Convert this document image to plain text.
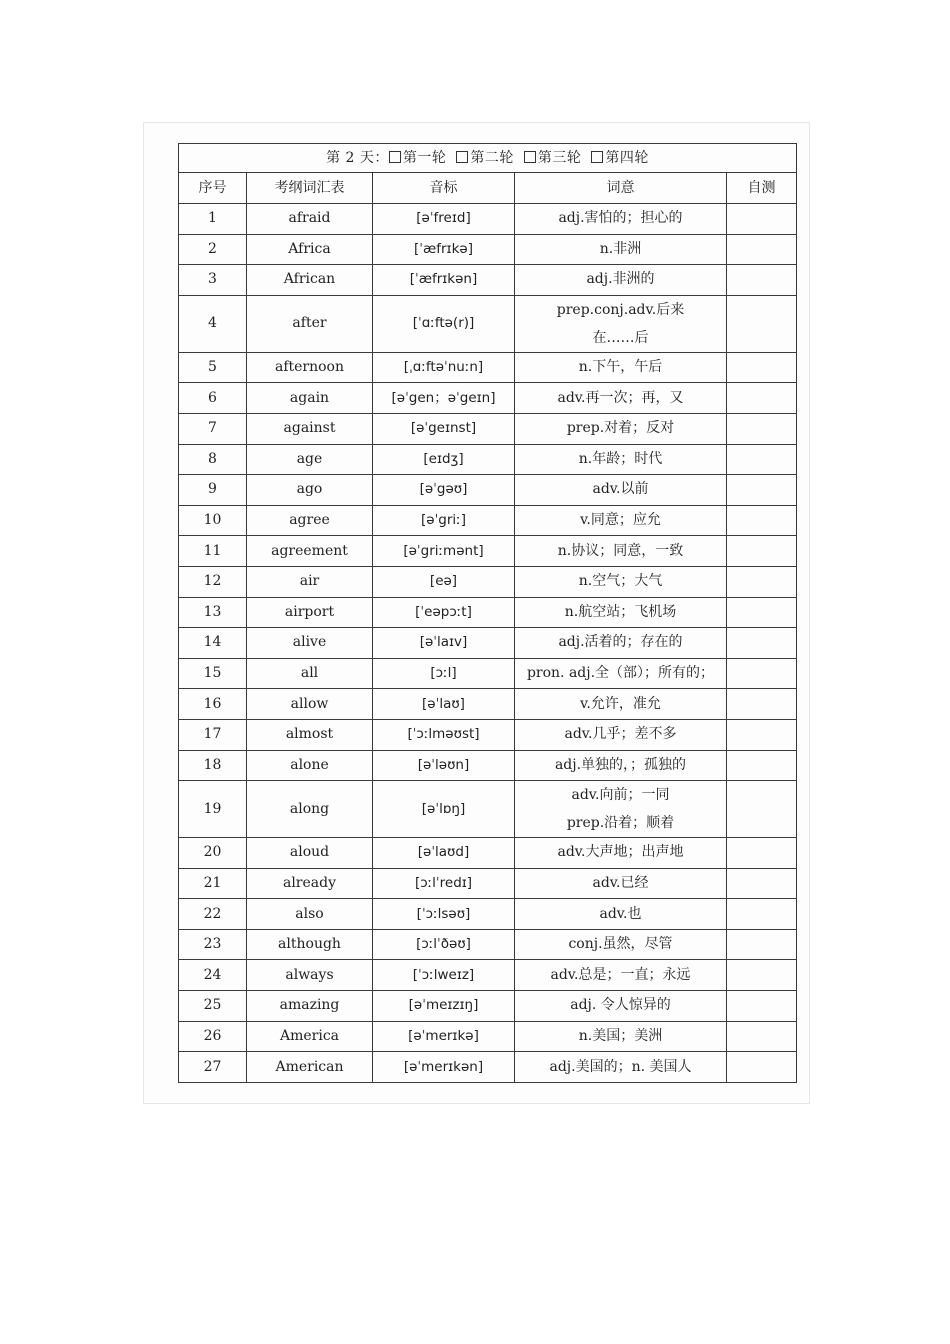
第 2 天： 第一轮 第二轮 第三轮 第四轮				
序号	考纲词汇表	音标	词意	自测
1	afraid	[əˈfreɪd]	adj.害怕的；担心的	
2	Africa	[ˈæfrɪkə]	n.非洲	
3	African	[ˈæfrɪkən]	adj.非洲的	
4	after	[ˈɑːftə(r)]	prep.conj.adv.后来
在……后	

5	afternoon	[ˌɑːftəˈnuːn]	n.下午，午后	
6	again	[əˈgen；əˈgeɪn]	adv.再一次；再，又	
7	against	[əˈgeɪnst]	prep.对着；反对	
8	age	[eɪdʒ]	n.年龄；时代	
9	ago	[əˈgəʊ]	adv.以前	
10	agree	[əˈgriː]	v.同意；应允	
11	agreement	[əˈgriːmənt]	n.协议；同意，一致	
12	air	[eə]	n.空气；大气	
13	airport	[ˈeəpɔːt]	n.航空站；飞机场	
14	alive	[əˈlaɪv]	adj.活着的；存在的	
15	all	[ɔːl]	pron. adj.全（部）；所有的；	
16	allow	[əˈlaʊ]	v.允许，准允	
17	almost	[ˈɔːlməʊst]	adv.几乎；差不多	
18	alone	[əˈləʊn]	adj.单独的，；孤独的	
19	along	[əˈlɒŋ]	adv.向前；一同
prep.沿着；顺着	

20	aloud	[əˈlaʊd]	adv.大声地；出声地	
21	already	[ɔːlˈredɪ]	adv.已经	
22	also	[ˈɔːlsəʊ]	adv.也	
23	although	[ɔːlˈðəʊ]	conj.虽然，尽管	
24	always	[ˈɔːlweɪz]	adv.总是；一直；永远	
25	amazing	[əˈmeɪzɪŋ]	adj. 令人惊异的	
26	America	[əˈmerɪkə]	n.美国；美洲	
27	American	[əˈmerɪkən]	adj.美国的；n. 美国人	
